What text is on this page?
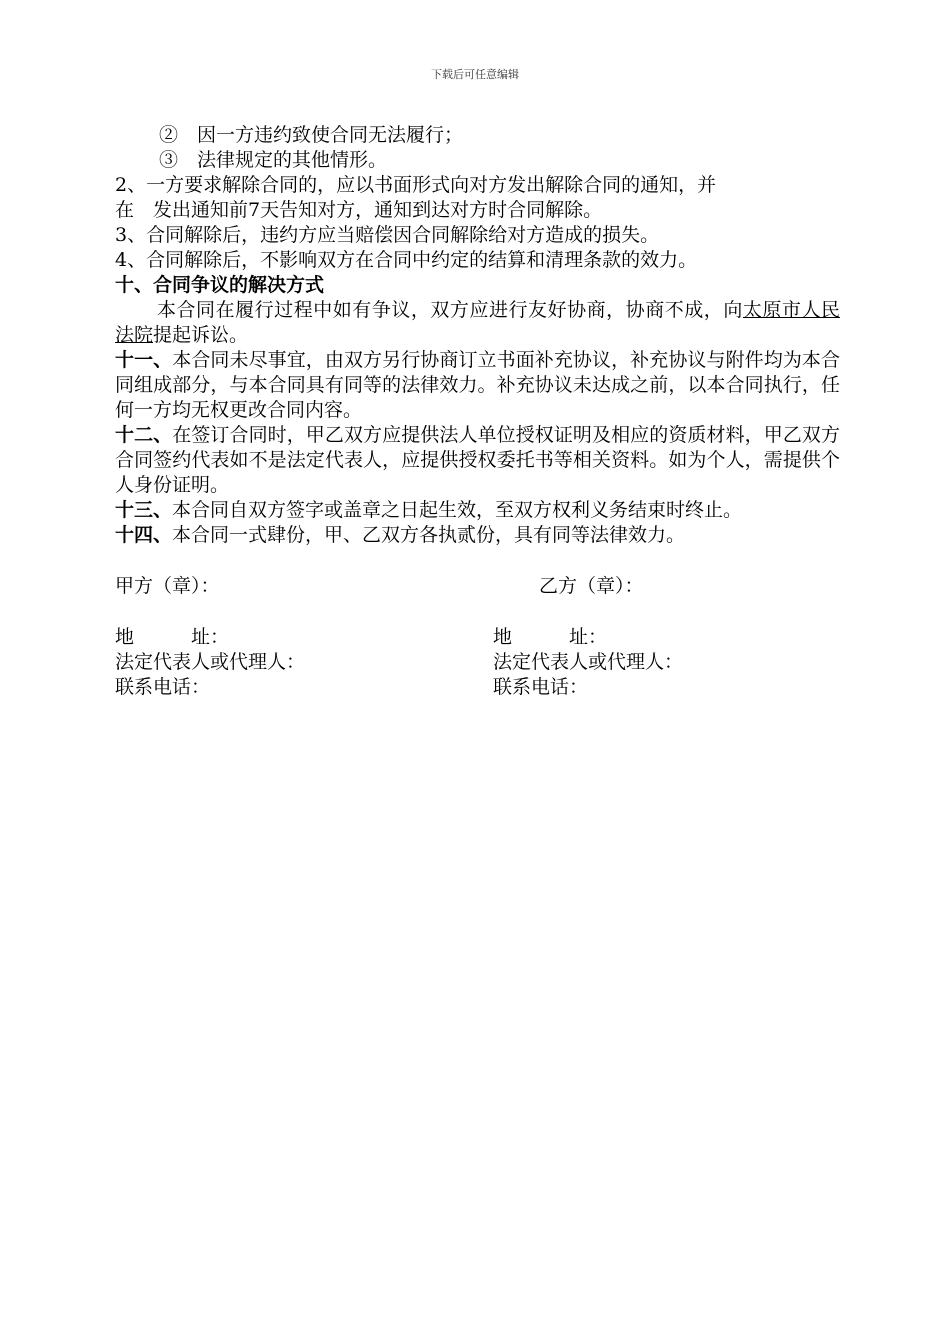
下载后可任意编辑

②　因一方违约致使合同无法履行；

③　法律规定的其他情形。

2、一方要求解除合同的，应以书面形式向对方发出解除合同的通知，并

在　发出通知前7天告知对方，通知到达对方时合同解除。

3、合同解除后，违约方应当赔偿因合同解除给对方造成的损失。

4、合同解除后，不影响双方在合同中约定的结算和清理条款的效力。

十、合同争议的解决方式

本合同在履行过程中如有争议，双方应进行友好协商，协商不成，向太原市人民法院提起诉讼。

十一、本合同未尽事宜，由双方另行协商订立书面补充协议，补充协议与附件均为本合同组成部分，与本合同具有同等的法律效力。补充协议未达成之前，以本合同执行，任何一方均无权更改合同内容。

十二、在签订合同时，甲乙双方应提供法人单位授权证明及相应的资质材料，甲乙双方合同签约代表如不是法定代表人，应提供授权委托书等相关资料。如为个人，需提供个人身份证明。

十三、本合同自双方签字或盖章之日起生效，至双方权利义务结束时终止。

十四、本合同一式肆份，甲、乙双方各执贰份，具有同等法律效力。

甲方（章）：	乙方（章）：
地　　　址：	地　　　址：
法定代表人或代理人：	法定代表人或代理人：
联系电话：	联系电话：
